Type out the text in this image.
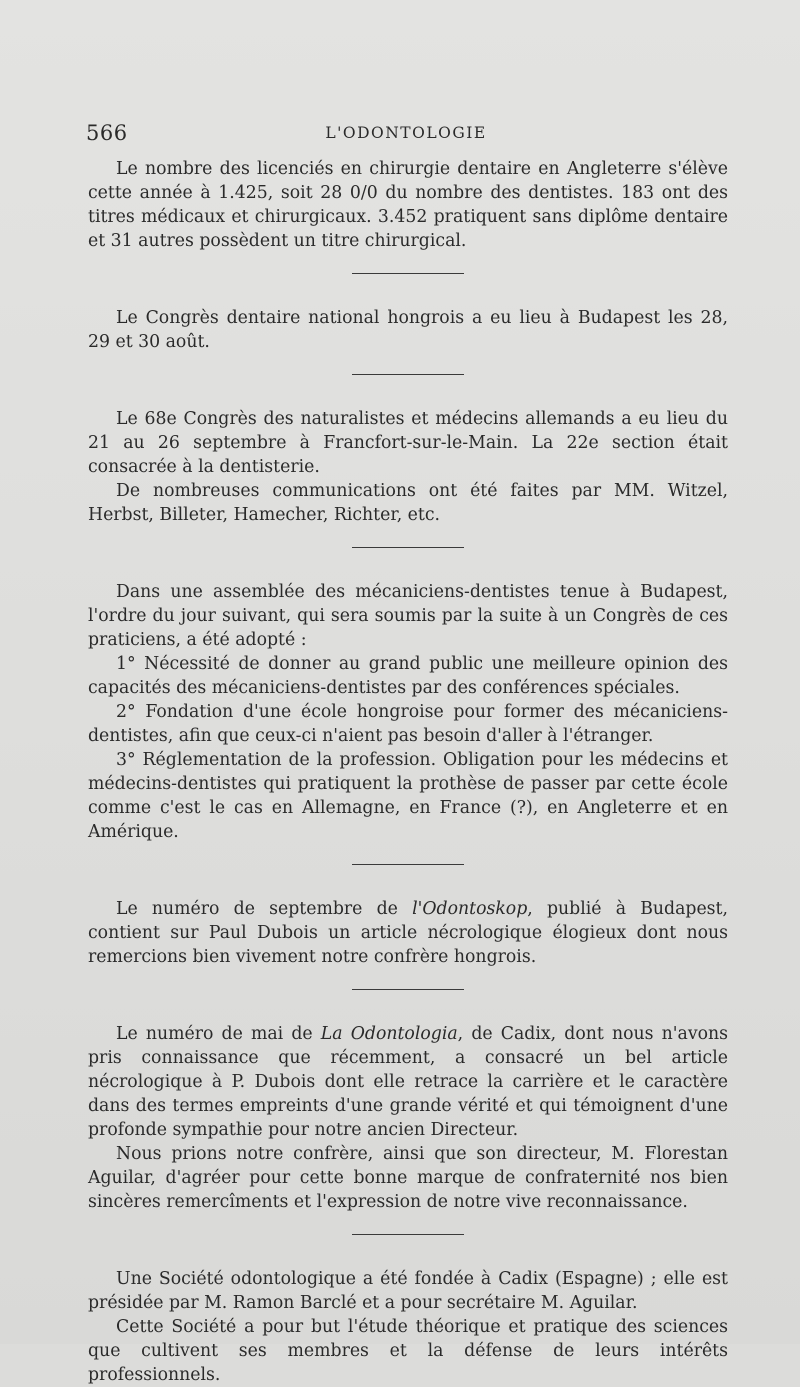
566	L'ODONTOLOGIE

Le nombre des licenciés en chirurgie dentaire en Angleterre s'élève cette année à 1.425, soit 28 0/0 du nombre des dentistes. 183 ont des titres médicaux et chirurgicaux. 3.452 pratiquent sans diplôme dentaire et 31 autres possèdent un titre chirurgical.

Le Congrès dentaire national hongrois a eu lieu à Budapest les 28, 29 et 30 août.

Le 68e Congrès des naturalistes et médecins allemands a eu lieu du 21 au 26 septembre à Francfort-sur-le-Main. La 22e section était consacrée à la dentisterie.

De nombreuses communications ont été faites par MM. Witzel, Herbst, Billeter, Hamecher, Richter, etc.

Dans une assemblée des mécaniciens-dentistes tenue à Budapest, l'ordre du jour suivant, qui sera soumis par la suite à un Congrès de ces praticiens, a été adopté :

1° Nécessité de donner au grand public une meilleure opinion des capacités des mécaniciens-dentistes par des conférences spéciales.

2° Fondation d'une école hongroise pour former des mécaniciens-dentistes, afin que ceux-ci n'aient pas besoin d'aller à l'étranger.

3° Réglementation de la profession. Obligation pour les médecins et médecins-dentistes qui pratiquent la prothèse de passer par cette école comme c'est le cas en Allemagne, en France (?), en Angleterre et en Amérique.

Le numéro de septembre de l'Odontoskop, publié à Budapest, contient sur Paul Dubois un article nécrologique élogieux dont nous remercions bien vivement notre confrère hongrois.

Le numéro de mai de La Odontologia, de Cadix, dont nous n'avons pris connaissance que récemment, a consacré un bel article nécrologique à P. Dubois dont elle retrace la carrière et le caractère dans des termes empreints d'une grande vérité et qui témoignent d'une profonde sympathie pour notre ancien Directeur.

Nous prions notre confrère, ainsi que son directeur, M. Florestan Aguilar, d'agréer pour cette bonne marque de confraternité nos bien sincères remercîments et l'expression de notre vive reconnaissance.

Une Société odontologique a été fondée à Cadix (Espagne) ; elle est présidée par M. Ramon Barclé et a pour secrétaire M. Aguilar.

Cette Société a pour but l'étude théorique et pratique des sciences que cultivent ses membres et la défense de leurs intérêts professionnels.
